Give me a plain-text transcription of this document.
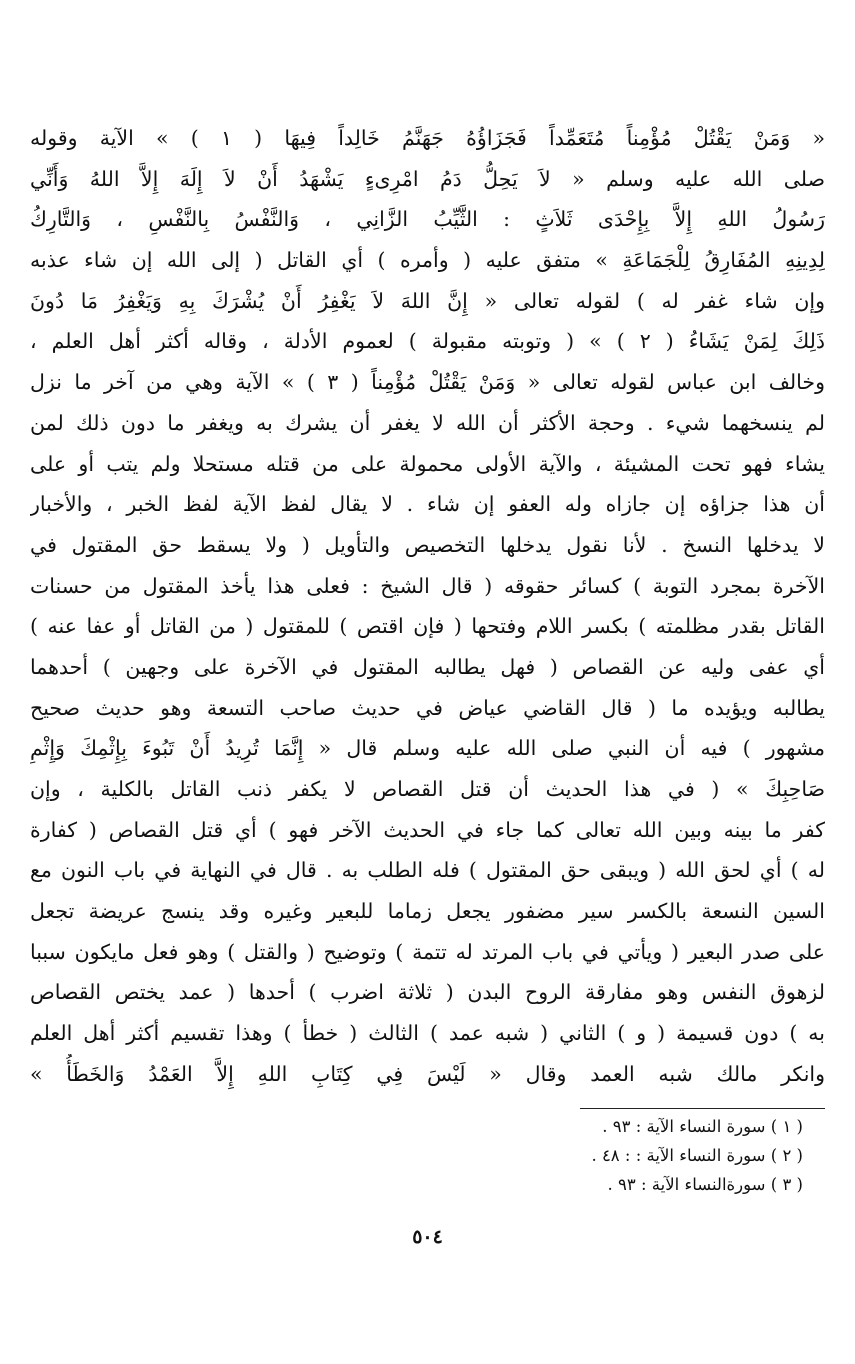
« وَمَنْ يَقْتُلْ مُؤْمِناً مُتَعَمِّداً فَجَزَاؤُهُ جَهَنَّمُ خَالِداً فِيهَا ( ١ ) » الآية وقوله
صلى الله عليه وسلم « لاَ يَحِلُّ دَمُ امْرِىءٍ يَشْهَدُ أَنْ لاَ إِلَهَ إِلاَّ اللهُ وَأَنِّي
رَسُولُ اللهِ إِلاَّ بِإِحْدَى ثَلاَثٍ : الثَّيِّبُ الزَّانِي ، وَالنَّفْسُ بِالنَّفْسِ ، وَالتَّارِكُ
لِدِينِهِ المُفَارِقُ لِلْجَمَاعَةِ » متفق عليه ( وأمره ) أي القاتل ( إلى الله إن شاء عذبه
وإن شاء غفر له ) لقوله تعالى « إِنَّ اللهَ لاَ يَغْفِرُ أَنْ يُشْرَكَ بِهِ وَيَغْفِرُ مَا دُونَ
ذَلِكَ لِمَنْ يَشَاءُ ( ٢ ) » ( وتوبته مقبولة ) لعموم الأدلة ، وقاله أكثر أهل العلم ،
وخالف ابن عباس لقوله تعالى « وَمَنْ يَقْتُلْ مُؤْمِناً ( ٣ ) » الآية وهي من آخر ما نزل
لم ينسخهما شيء . وحجة الأكثر أن الله لا يغفر أن يشرك به ويغفر ما دون ذلك لمن
يشاء فهو تحت المشيئة ، والآية الأولى محمولة على من قتله مستحلا ولم يتب أو على
أن هذا جزاؤه إن جازاه وله العفو إن شاء . لا يقال لفظ الآية لفظ الخبر ، والأخبار
لا يدخلها النسخ . لأنا نقول يدخلها التخصيص والتأويل ( ولا يسقط حق المقتول في
الآخرة بمجرد التوبة ) كسائر حقوقه ( قال الشيخ : فعلى هذا يأخذ المقتول من حسنات
القاتل بقدر مظلمته ) بكسر اللام وفتحها ( فإن اقتص ) للمقتول ( من القاتل أو عفا عنه )
أي عفى وليه عن القصاص ( فهل يطالبه المقتول في الآخرة على وجهين ) أحدهما
يطالبه ويؤيده ما ( قال القاضي عياض في حديث صاحب التسعة وهو حديث صحيح
مشهور ) فيه أن النبي صلى الله عليه وسلم قال « إِنَّمَا تُرِيدُ أَنْ تَبُوءَ بِإِثْمِكَ وَإِثْمِ
صَاحِبِكَ » ( في هذا الحديث أن قتل القصاص لا يكفر ذنب القاتل بالكلية ، وإن
كفر ما بينه وبين الله تعالى كما جاء في الحديث الآخر فهو ) أي قتل القصاص ( كفارة
له ) أي لحق الله ( ويبقى حق المقتول ) فله الطلب به . قال في النهاية في باب النون مع
السين النسعة بالكسر سير مضفور يجعل زماما للبعير وغيره وقد ينسج عريضة تجعل
على صدر البعير ( ويأتي في باب المرتد له تتمة ) وتوضيح ( والقتل ) وهو فعل مايكون سببا
لزهوق النفس وهو مفارقة الروح البدن ( ثلاثة اضرب ) أحدها ( عمد يختص القصاص
به ) دون قسيمة ( و ) الثاني ( شبه عمد ) الثالث ( خطأ ) وهذا تقسيم أكثر أهل العلم
وانكر مالك شبه العمد وقال « لَيْسَ فِي كِتَابِ اللهِ إِلاَّ العَمْدُ وَالخَطَأُ »

( ١ ) سورة النساء الآية : ٩٣ .
( ٢ ) سورة النساء الآية : : ٤٨ .
( ٣ ) سورةالنساء الآية : ٩٣ .
٥٠٤
